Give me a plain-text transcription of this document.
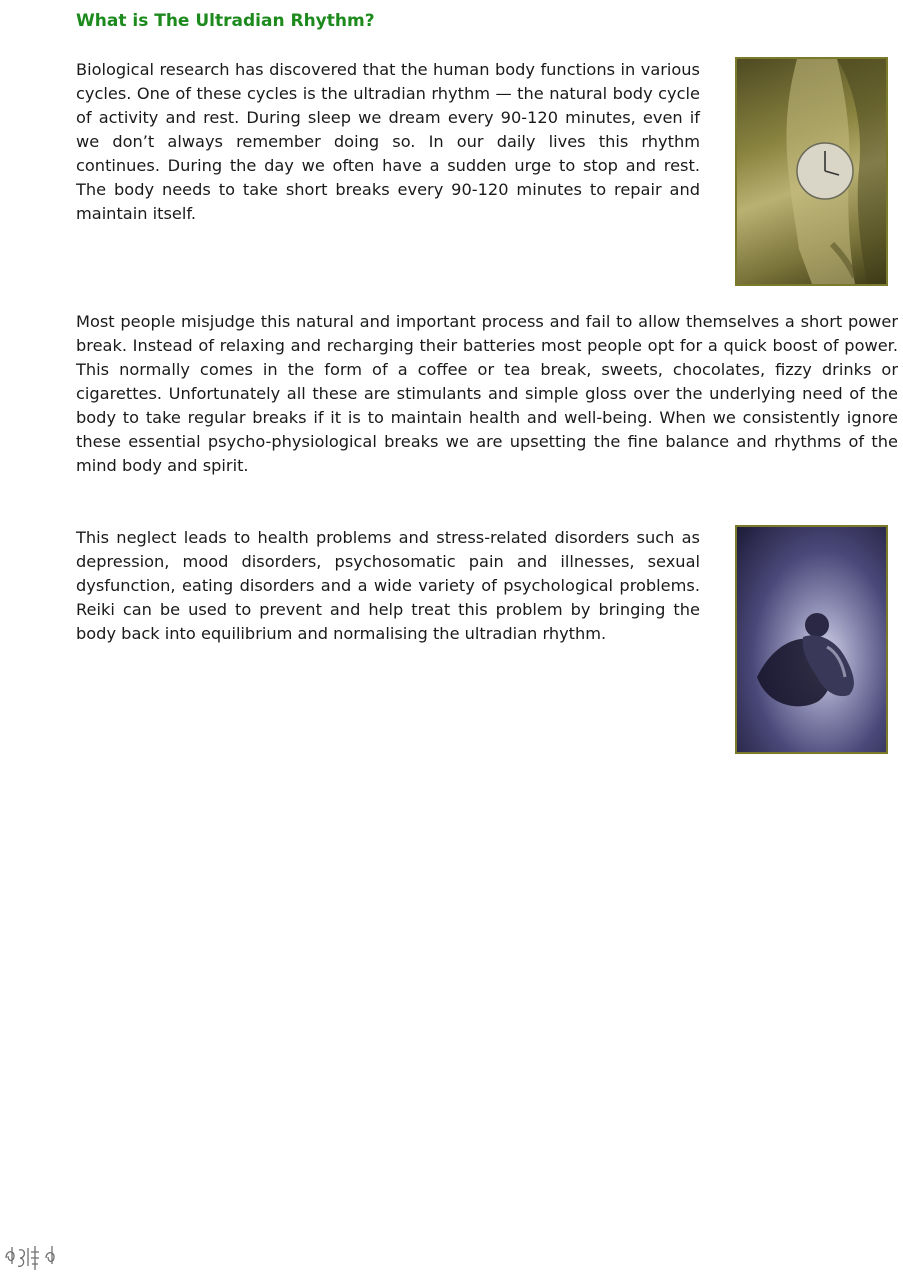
What is The Ultradian Rhythm?

Biological research has discovered that the human body functions in various cycles. One of these cycles is the ultradian rhythm — the natural body cycle of activity and rest. During sleep we dream every 90-120 minutes, even if we don’t always remember doing so. In our daily lives this rhythm continues. During the day we often have a sudden urge to stop and rest. The body needs to take short breaks every 90-120 minutes to repair and maintain itself.

Most people misjudge this natural and important process and fail to allow themselves a short power break. Instead of relaxing and recharging their batteries most people opt for a quick boost of power. This normally comes in the form of a coffee or tea break, sweets, chocolates, fizzy drinks or cigarettes. Unfortunately all these are stimulants and simple gloss over the underlying need of the body to take regular breaks if it is to maintain health and well-being. When we consistently ignore these essential psycho-physiological breaks we are upsetting the fine balance and rhythms of the mind body and spirit.

This neglect leads to health problems and stress-related disorders such as depression, mood disorders, psychosomatic pain and illnesses, sexual dysfunction, eating disorders and a wide variety of psychological problems. Reiki can be used to prevent and help treat this problem by bringing the body back into equilibrium and normalising the ultradian rhythm.
